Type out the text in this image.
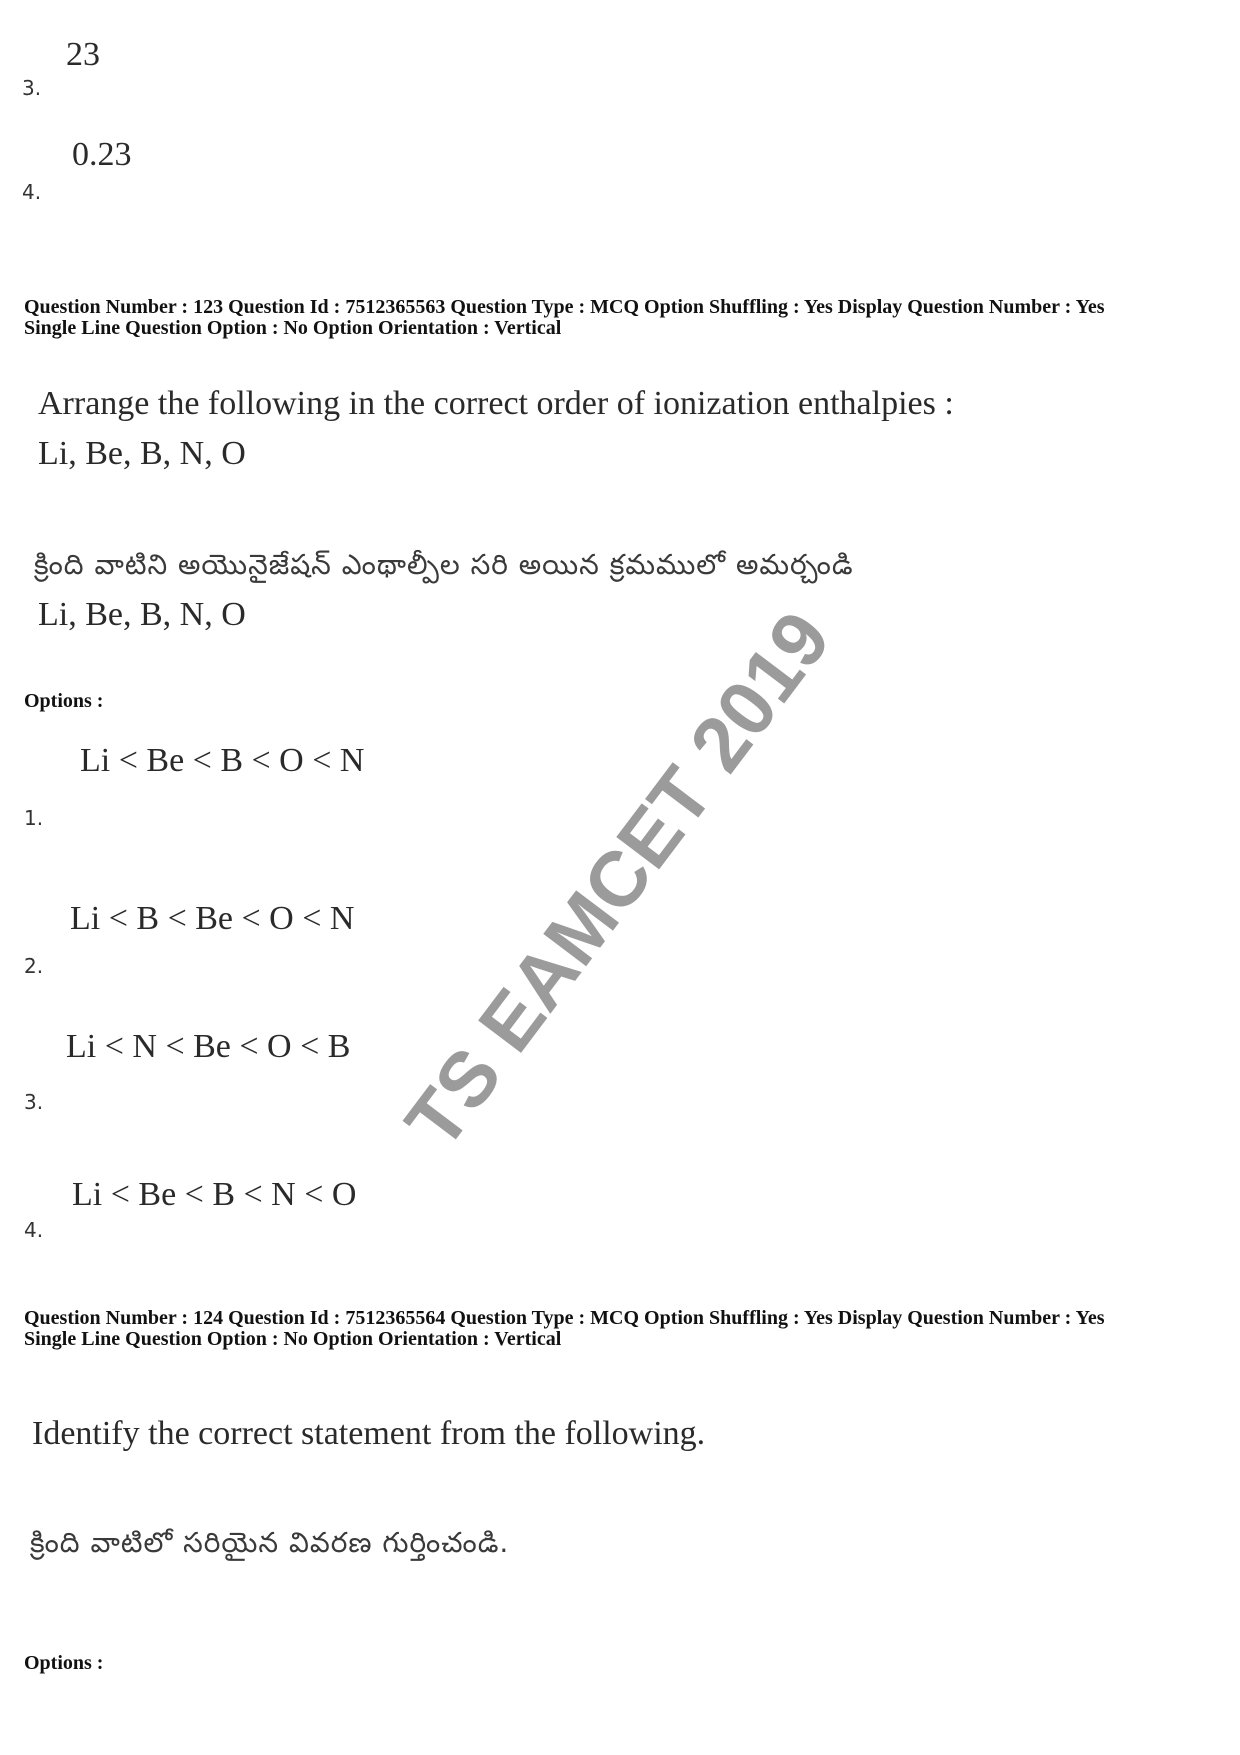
23
3.
0.23
4.
Question Number : 123 Question Id : 7512365563 Question Type : MCQ Option Shuffling : Yes Display Question Number : Yes
Single Line Question Option : No Option Orientation : Vertical
Arrange the following in the correct order of ionization enthalpies :
Li, Be, B, N, O
క్రింది వాటిని అయొనైజేషన్ ఎంథాల్పీల సరి అయిన క్రమములో అమర్చండి
Li, Be, B, N, O
Options :
Li < Be < B < O < N
1.
Li < B < Be < O < N
2.
Li < N < Be < O < B
3.
Li < Be < B < N < O
4.
Question Number : 124 Question Id : 7512365564 Question Type : MCQ Option Shuffling : Yes Display Question Number : Yes
Single Line Question Option : No Option Orientation : Vertical
Identify the correct statement from the following.
క్రింది వాటిలో సరియైన వివరణ గుర్తించండి.
Options :
TS EAMCET 2019
